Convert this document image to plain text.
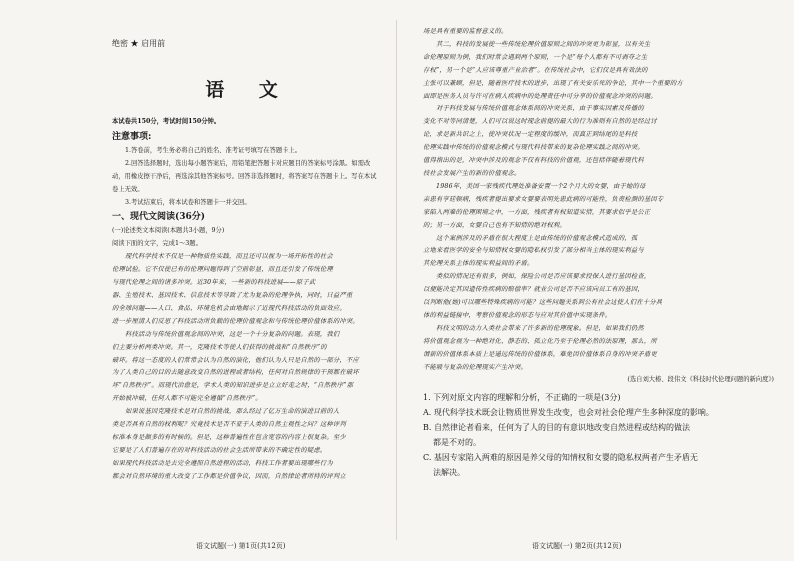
绝密 ★ 启用前
语 文
本试卷共150分，考试时间150分钟。
注意事项:
1.答卷前，考生务必将自己的姓名、准考证号填写在答题卡上。
2.回答选择题时，选出每小题答案后，用铅笔把答题卡对应题目的答案标号涂黑。如需改
动，用橡皮擦干净后，再选涂其他答案标号。回答非选择题时，将答案写在答题卡上。写在本试
卷上无效。
3.考试结束后，将本试卷和答题卡一并交回。
一、现代文阅读(36分)
(一)论述类文本阅读(本题共3小题，9分)
阅读下面的文字，完成1～3题。
现代科学技术不仅是一种物质性实践，而且还可以视为一场开拓性的社会
伦理试验。它不仅使已有的伦理问题得到了空前彰显，而且还引发了传统伦理
与现代伦理之间的诸多冲突。近30年来，一些新的科技进展——原子武
器、生殖技术、基因技术、信息技术等导致了尤为复杂的伦理争执，同时，日益严重
的全球问题——人口、食品、环境危机会由地揭示了近现代科技活动的负面效应。
进一步厘清人们反思了科技活动所负载的伦理价值观念和与传统伦理价值体系的冲突。
科技活动与传统价值观念间的冲突，这是一个十分复杂的问题。表现，我们
们主要分析两类冲突。其一，克隆技术等使人们获得的挑战和“自然秩序”的
破坏。将这一态度的人们常常会认为自然的演化，他们认为人只是自然的一部分，不应
为了人类自己的目的去随意改变自然的进程或者结构，任何对自然规律的干预都在破坏
坏“自然秩序”。而现代治愈是，学术人类的知识进步是立立好走之时，“自然秩序”那
开始被冲破，任何人都不可能完全遵循“自然秩序”。
如果说基因克隆技术是对自然的挑战，那么经过了亿万生命的演进目前的人
类是否具有自然的权利呢？究竟技术是否不亚于人类的自然主观性之问？这种评判
标准本身是颇多的有时候的。但是，这种普遍性在包含宽容的内容上很复杂。至少
它要是了人们普遍存在的对科技活动的社会生活所带来的不确定性的疑虑。
如果现代科技活动是去完全遵照自然进程的活动，科技工作者要出现哪些行为
都会对自然环境的重大改变了工作都是价值争议，因而，自然律论者所持的评判立
语文试题(一) 第1页(共12页)
场是具有重要的监督意义的。
其二，科技的发展使一些传统伦理价值原则之间的冲突更为彰显，以有关生
命伦理原则为例，我们时常会遇到两个原则，一个是“每个人都有不可剥夺之生
存权”，另一个是“人应该尊重产业治者”。在传统社会中，它们仅是具有效法的
主张可以兼顾，但是，随着医疗技术的进步，出现了有关安乐死的争论，其中一个重要的方
面即是医务人员与许可在病人疾病中的处理责任中可分享的价值观念冲突的问题。
对于科技发展与传统价值观念体系间的冲突关系，由于事实因素及传播的
变化不对等同清楚，人们可以说这时现念前提的最大的行为准则有自然的是经过讨
论，求是新共识之上，使冲突状况一定程度的缓冲，而真正到结尾的是科技
伦理实践中传统的价值观念模式与现代科技带来的复杂伦理实践之间的冲突。
值得指出的是，冲突中涉及的观念不仅有科技的价值观，还包括伴随着现代科
技社会发展产生的新的价值观念。
1986年，美国一家残疾代理处准备安置一个2个月大的女婴，由于她的母
亲患有亨廷顿病，残疾者提出要求女婴要表明先患此病的可能性，负责检测的基因专
家陷入两难的伦理困境之中，一方面，残疾者有权知道实情，其要求似乎是公正
的；另一方面，女婴自己也有不知情的绝对权利。
这个案例涉及的矛盾在很大程度上是由传统的价值观念模式造成的，孤
立地来看医学的安全与知情权女婴的隐私权引发了部分相当主体的现实利益与
其伦理关系主体的现实利益间的矛盾。
类似的情况还有很多，例如，保险公司是否应该要求投保人进行基因检查，
以便能决定其因遗传性疾病的赔偿率？就业公司是否不应该向员工有的基因，
以判断他(她)可以哪些特殊疾病的可能？这些问题关系到公有社会这使人们在十分具
体的利益链接中，考察价值观念的形态与应对其价值中实现条件。
科技文明的动力入类社会带来了许多新的伦理现象。但是，如果我们仍然
将价值观念视为一种绝对化、静态的、孤立化乃至于伦理必然的法原理，那么，所
谓新的价值体系本质上是遥远传统的价值体系，难免因价值体系自身的冲突矛盾更
不能吸与复杂的伦理现实产生冲突。
(选自刘大椿、段伟文《科技时代伦理问题的新向度》)
1. 下列对原文内容的理解和分析，不正确的一项是(3分)
A. 现代科学技术既会让物质世界发生改变，也会对社会伦理产生多种深度的影响。
B. 自然律论者看来，任何为了人的目的有意识地改变自然进程或结构的做法
都是不对的。
C. 基因专家陷入两难的原因是养父母的知情权和女婴的隐私权两者产生矛盾无
法解决。
语文试题(一) 第2页(共12页)
